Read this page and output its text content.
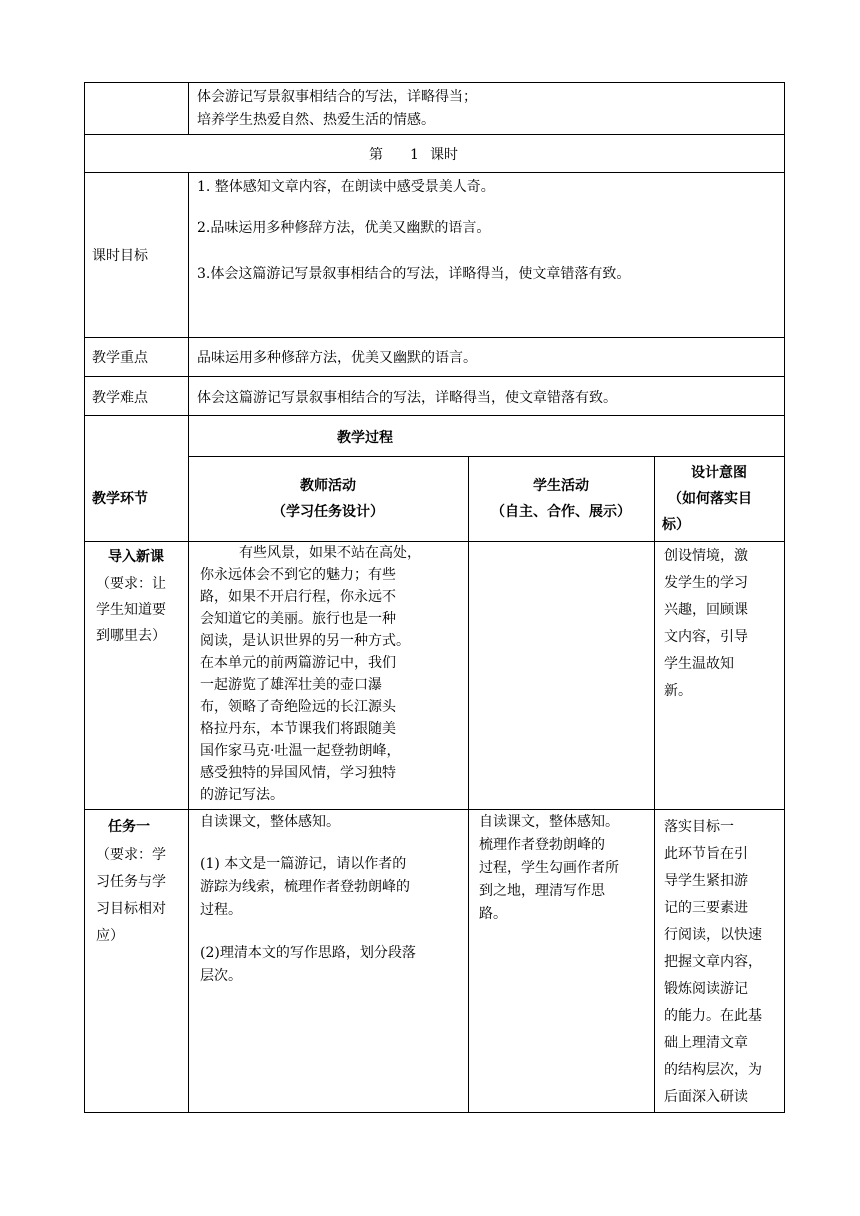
体会游记写景叙事相结合的写法，详略得当；
培养学生热爱自然、热爱生活的情感。
第 1 课时
课时目标
1. 整体感知文章内容，在朗读中感受景美人奇。
2.品味运用多种修辞方法，优美又幽默的语言。
3.体会这篇游记写景叙事相结合的写法，详略得当，使文章错落有致。
教学重点	品味运用多种修辞方法，优美又幽默的语言。
教学难点	体会这篇游记写景叙事相结合的写法，详略得当，使文章错落有致。
教学过程
教学环节
教师活动
（学习任务设计）
学生活动
（自主、合作、展示）
设计意图
（如何落实目
标）
导入新课
（要求：让
学生知道要
到哪里去）
有些风景，如果不站在高处，
你永远体会不到它的魅力；有些
路，如果不开启行程，你永远不
会知道它的美丽。旅行也是一种
阅读，是认识世界的另一种方式。
在本单元的前两篇游记中，我们
一起游览了雄浑壮美的壶口瀑
布，领略了奇绝险远的长江源头
格拉丹东，本节课我们将跟随美
国作家马克·吐温一起登勃朗峰，
感受独特的异国风情，学习独特
的游记写法。
创设情境，激
发学生的学习
兴趣，回顾课
文内容，引导
学生温故知
新。
任务一
（要求：学
习任务与学
习目标相对
应）
自读课文，整体感知。
(1) 本文是一篇游记，请以作者的
游踪为线索，梳理作者登勃朗峰的
过程。
(2)理清本文的写作思路，划分段落
层次。
自读课文，整体感知。
梳理作者登勃朗峰的
过程，学生勾画作者所
到之地，理清写作思
路。
落实目标一
此环节旨在引
导学生紧扣游
记的三要素进
行阅读，以快速
把握文章内容，
锻炼阅读游记
的能力。在此基
础上理清文章
的结构层次，为
后面深入研读
